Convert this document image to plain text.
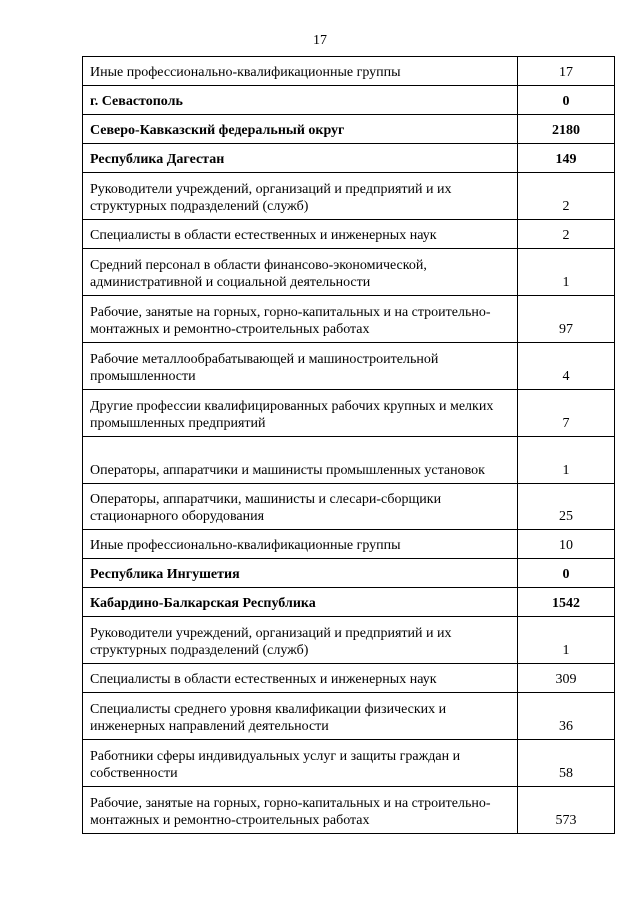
17
Иные профессионально-квалификационные группы	17
г. Севастополь	0
Северо-Кавказский федеральный округ	2180
Республика Дагестан	149
Руководители учреждений, организаций и предприятий и их структурных подразделений (служб)	2
Специалисты в области естественных и инженерных наук	2
Средний персонал в области финансово-экономической, административной и социальной деятельности	1
Рабочие, занятые на горных, горно-капитальных и на строительно-монтажных и ремонтно-строительных работах	97
Рабочие металлообрабатывающей и машиностроительной промышленности	4
Другие профессии квалифицированных рабочих крупных и мелких промышленных предприятий	7
Операторы, аппаратчики и машинисты промышленных установок	1
Операторы, аппаратчики, машинисты и слесари-сборщики стационарного оборудования	25
Иные профессионально-квалификационные группы	10
Республика Ингушетия	0
Кабардино-Балкарская Республика	1542
Руководители учреждений, организаций и предприятий и их структурных подразделений (служб)	1
Специалисты в области естественных и инженерных наук	309
Специалисты среднего уровня квалификации физических и инженерных направлений деятельности	36
Работники сферы индивидуальных услуг и защиты граждан и собственности	58
Рабочие, занятые на горных, горно-капитальных и на строительно-монтажных и ремонтно-строительных работах	573
